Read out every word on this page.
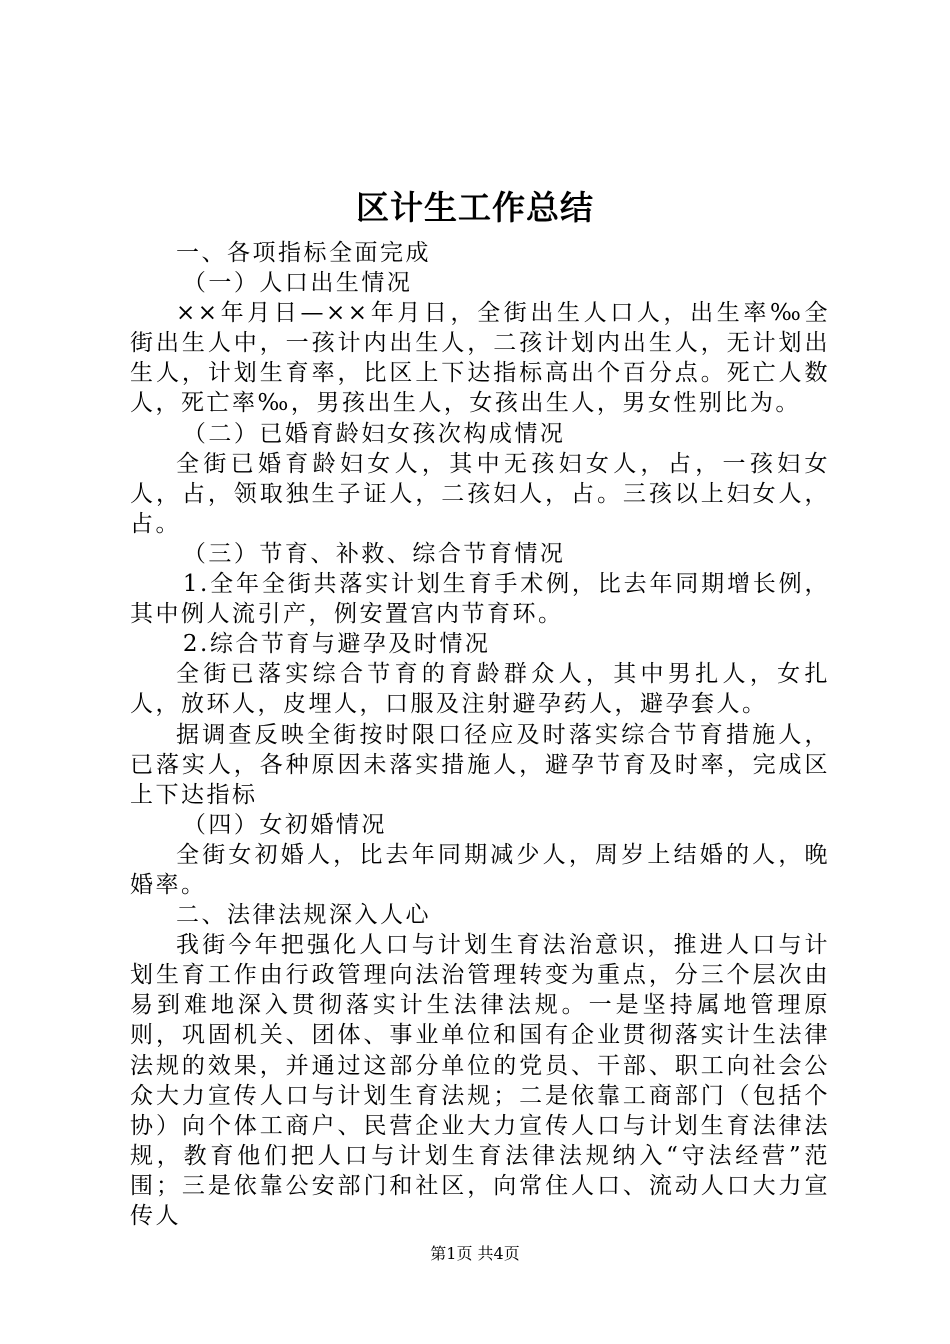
区计生工作总结

一、各项指标全面完成

（一）人口出生情况

××年月日—××年月日，全街出生人口人，出生率‰全街出生人中，一孩计内出生人，二孩计划内出生人，无计划出生人，计划生育率，比区上下达指标高出个百分点。死亡人数人，死亡率‰，男孩出生人，女孩出生人，男女性别比为。

（二）已婚育龄妇女孩次构成情况

全街已婚育龄妇女人，其中无孩妇女人，占，一孩妇女人，占，领取独生子证人，二孩妇人，占。三孩以上妇女人，占。

（三）节育、补救、综合节育情况

1.全年全街共落实计划生育手术例，比去年同期增长例，其中例人流引产，例安置宫内节育环。

2.综合节育与避孕及时情况

全街已落实综合节育的育龄群众人，其中男扎人，女扎人，放环人，皮埋人，口服及注射避孕药人，避孕套人。

据调查反映全街按时限口径应及时落实综合节育措施人，已落实人，各种原因未落实措施人，避孕节育及时率，完成区上下达指标

（四）女初婚情况

全街女初婚人，比去年同期减少人，周岁上结婚的人，晚婚率。

二、法律法规深入人心

我街今年把强化人口与计划生育法治意识，推进人口与计划生育工作由行政管理向法治管理转变为重点，分三个层次由易到难地深入贯彻落实计生法律法规。一是坚持属地管理原则，巩固机关、团体、事业单位和国有企业贯彻落实计生法律法规的效果，并通过这部分单位的党员、干部、职工向社会公众大力宣传人口与计划生育法规；二是依靠工商部门（包括个协）向个体工商户、民营企业大力宣传人口与计划生育法律法规，教育他们把人口与计划生育法律法规纳入“守法经营”范围；三是依靠公安部门和社区，向常住人口、流动人口大力宣传人

第1页 共4页
